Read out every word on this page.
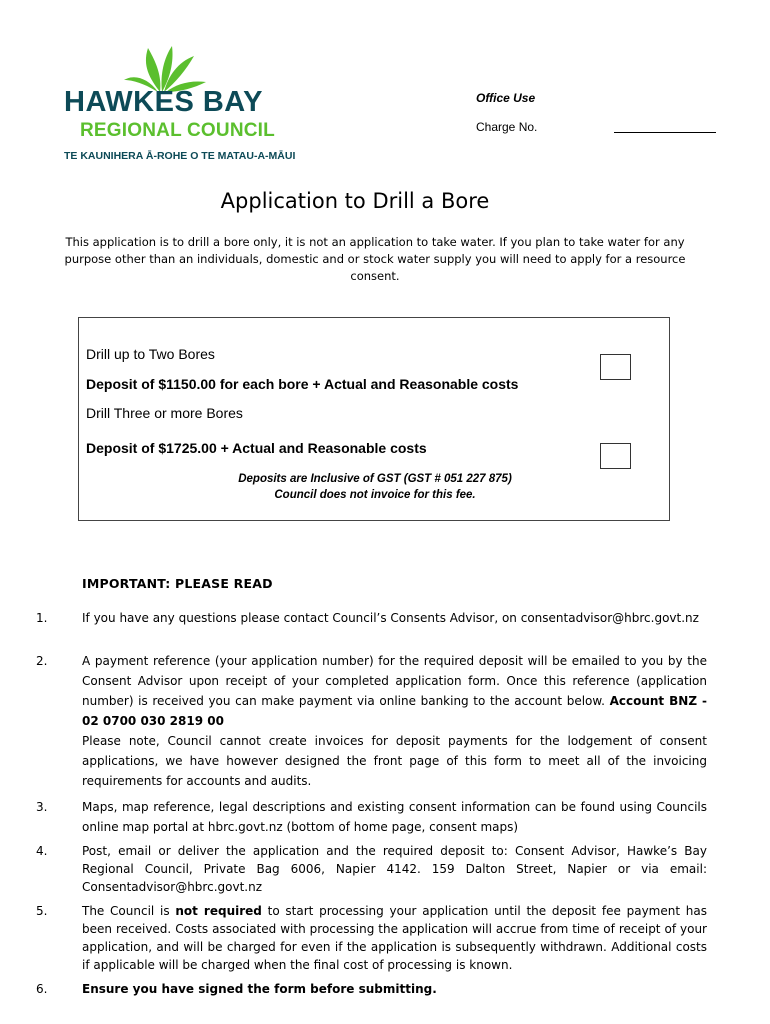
HAWKES BAY
REGIONAL COUNCIL
TE KAUNIHERA Ā-ROHE O TE MATAU-A-MĀUI
Office Use
Charge No.
Application to Drill a Bore
This application is to drill a bore only, it is not an application to take water. If you plan to take water for any purpose other than an individuals, domestic and or stock water supply you will need to apply for a resource consent.
Drill up to Two Bores
Deposit of $1150.00 for each bore + Actual and Reasonable costs
Drill Three or more Bores
Deposit of $1725.00 + Actual and Reasonable costs
Deposits are Inclusive of GST (GST # 051 227 875)
Council does not invoice for this fee.
IMPORTANT: PLEASE READ
1.	If you have any questions please contact Council’s Consents Advisor, on consentadvisor@hbrc.govt.nz
2.	A payment reference (your application number) for the required deposit will be emailed to you by the Consent Advisor upon receipt of your completed application form. Once this reference (application number) is received you can make payment via online banking to the account below. Account BNZ - 02 0700 030 2819 00
Please note, Council cannot create invoices for deposit payments for the lodgement of consent applications, we have however designed the front page of this form to meet all of the invoicing requirements for accounts and audits.
3.	Maps, map reference, legal descriptions and existing consent information can be found using Councils online map portal at hbrc.govt.nz (bottom of home page, consent maps)
4.	Post, email or deliver the application and the required deposit to: Consent Advisor, Hawke’s Bay Regional Council, Private Bag 6006, Napier 4142. 159 Dalton Street, Napier or via email: Consentadvisor@hbrc.govt.nz
5.	The Council is not required to start processing your application until the deposit fee payment has been received. Costs associated with processing the application will accrue from time of receipt of your application, and will be charged for even if the application is subsequently withdrawn. Additional costs if applicable will be charged when the final cost of processing is known.
6.	Ensure you have signed the form before submitting.
